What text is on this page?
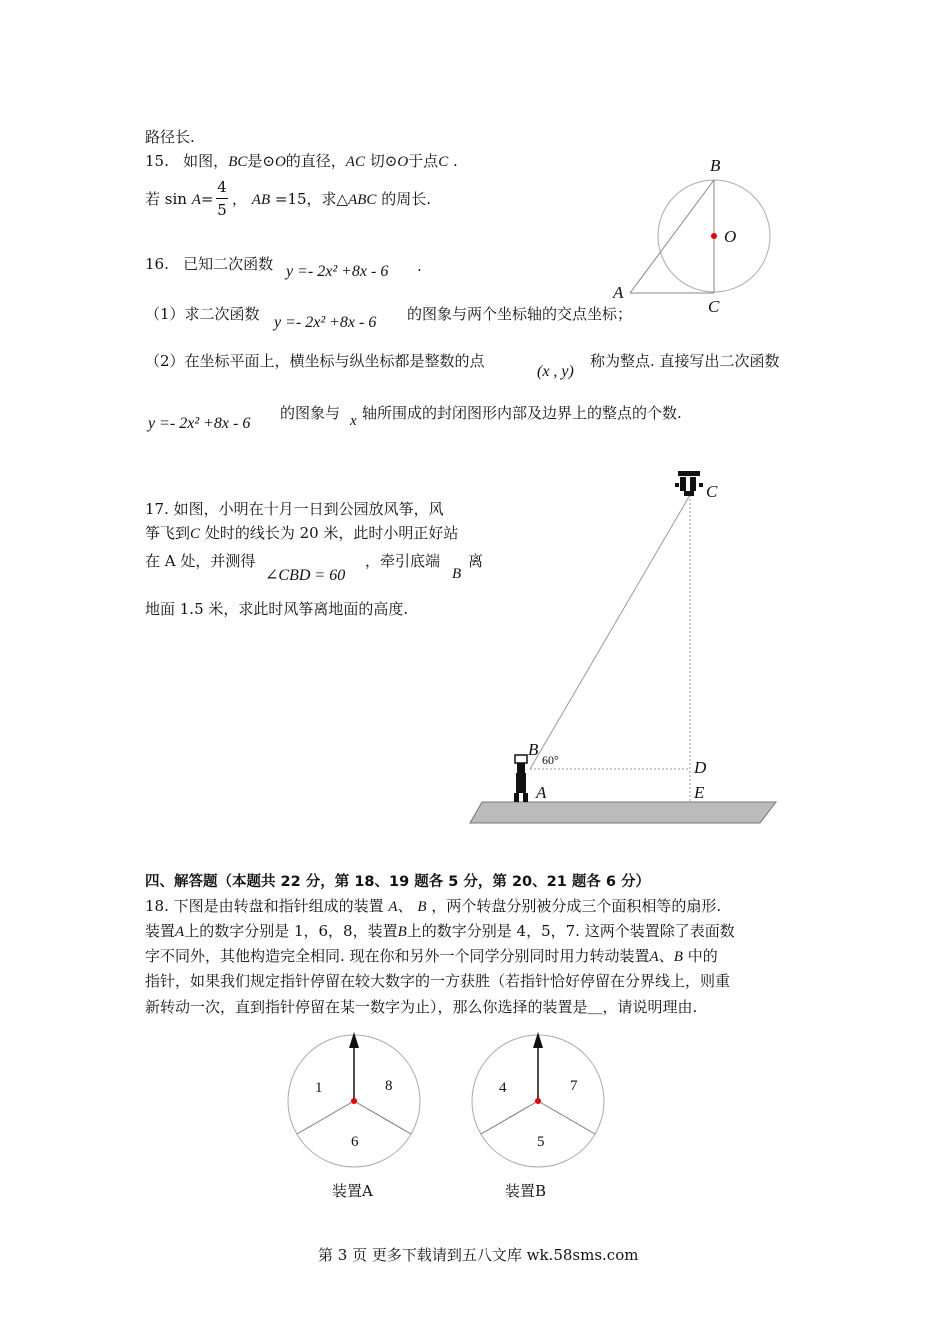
路径长.
15. 如图，BC是⊙O的直径，AC 切⊙O于点C .
若 sin A=
4
5
， AB =15，求△ABC 的周长.
B
O
A
C
16. 已知二次函数 y =- 2x² +8x - 6 .
（1）求二次函数 y =- 2x² +8x - 6 的图象与两个坐标轴的交点坐标；
（2）在坐标平面上，横坐标与纵坐标都是整数的点
(x , y)
称为整点. 直接写出二次函数
y =- 2x² +8x - 6
的图象与 x 轴所围成的封闭图形内部及边界上的整点的个数.
17. 如图，小明在十月一日到公园放风筝，风
筝飞到C 处时的线长为 20 米，此时小明正好站
在 A 处，并测得
∠CBD = 60
，牵引底端
B
离
地面 1.5 米，求此时风筝离地面的高度.
C
B
60°	D
A	E
四、解答题（本题共 22 分，第 18、19 题各 5 分，第 20、21 题各 6 分）
18. 下图是由转盘和指针组成的装置 A、 B ，两个转盘分别被分成三个面积相等的扇形.
装置A上的数字分别是 1，6，8，装置B上的数字分别是 4，5，7. 这两个装置除了表面数
字不同外，其他构造完全相同. 现在你和另外一个同学分别同时用力转动装置A、B 中的
指针，如果我们规定指针停留在较大数字的一方获胜（若指针恰好停留在分界线上，则重
新转动一次，直到指针停留在某一数字为止），那么你选择的装置是＿，请说明理由.
1	8
6
装置A
4	7
5
装置B
第 3 页 更多下载请到五八文库 wk.58sms.com
